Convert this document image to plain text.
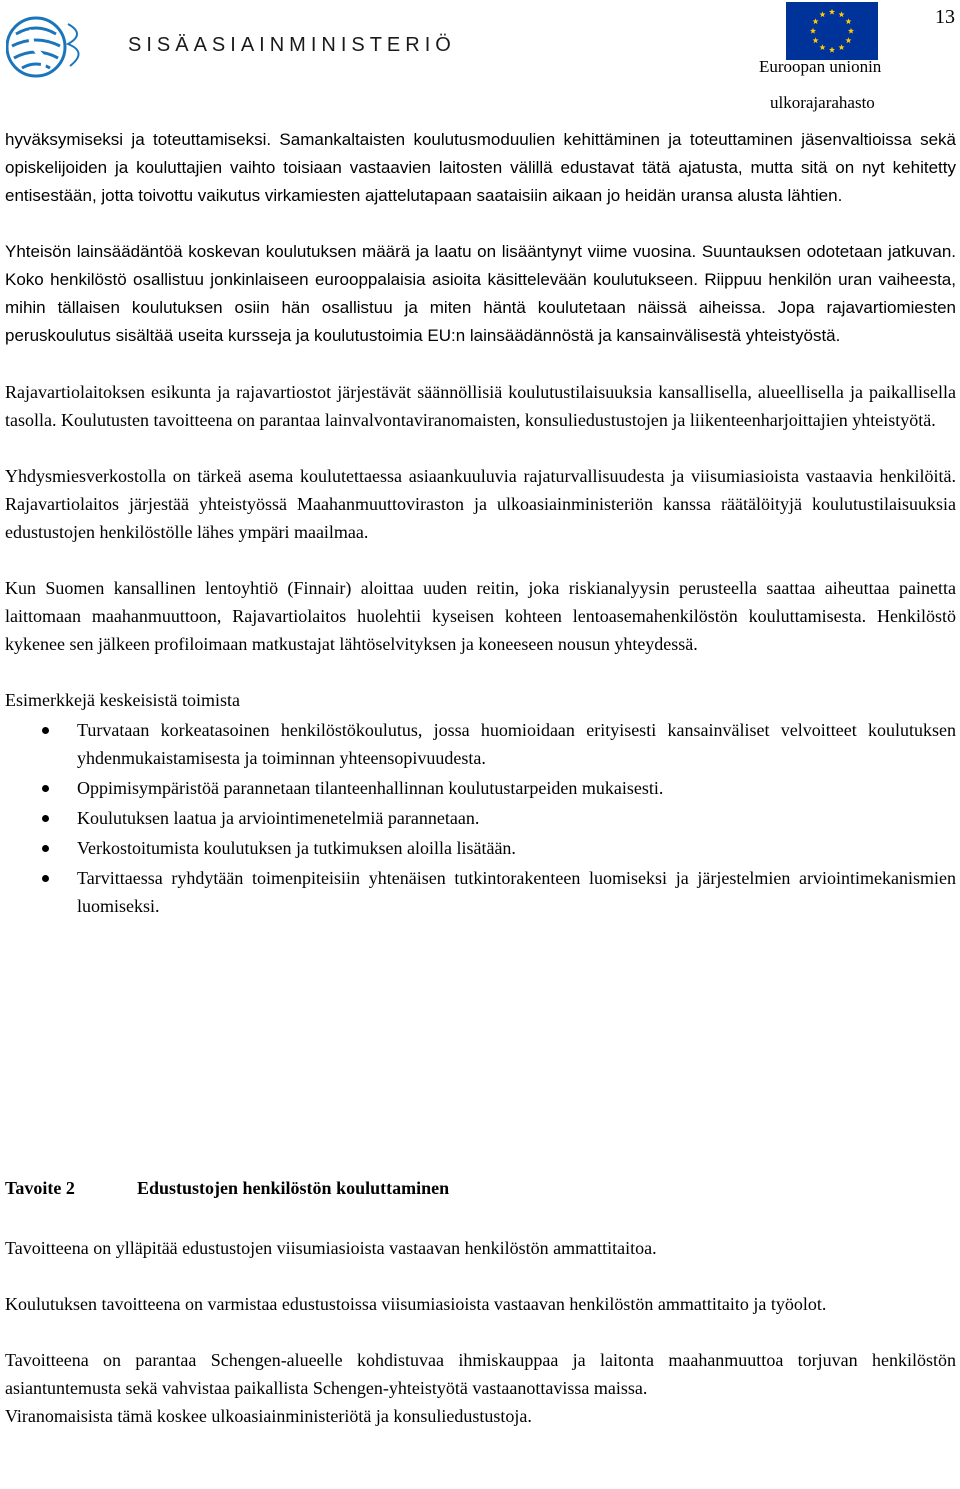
SISÄASIAINMINISTERIÖ
Euroopan unionin
ulkorajarahasto
13

hyväksymiseksi ja toteuttamiseksi. Samankaltaisten koulutusmoduulien kehittäminen ja toteuttaminen jäsenvaltioissa sekä opiskelijoiden ja kouluttajien vaihto toisiaan vastaavien laitosten välillä edustavat tätä ajatusta, mutta sitä on nyt kehitetty entisestään, jotta toivottu vaikutus virkamiesten ajattelutapaan saataisiin aikaan jo heidän uransa alusta lähtien.

Yhteisön lainsäädäntöä koskevan koulutuksen määrä ja laatu on lisääntynyt viime vuosina. Suuntauksen odotetaan jatkuvan. Koko henkilöstö osallistuu jonkinlaiseen eurooppalaisia asioita käsittelevään koulutukseen. Riippuu henkilön uran vaiheesta, mihin tällaisen koulutuksen osiin hän osallistuu ja miten häntä koulutetaan näissä aiheissa. Jopa rajavartiomiesten peruskoulutus sisältää useita kursseja ja koulutustoimia EU:n lainsäädännöstä ja kansainvälisestä yhteistyöstä.

Rajavartiolaitoksen esikunta ja rajavartiostot järjestävät säännöllisiä koulutustilaisuuksia kansallisella, alueellisella ja paikallisella tasolla. Koulutusten tavoitteena on parantaa lainvalvontaviranomaisten, konsuliedustustojen ja liikenteenharjoittajien yhteistyötä.

Yhdysmiesverkostolla on tärkeä asema koulutettaessa asiaankuuluvia rajaturvallisuudesta ja viisumiasioista vastaavia henkilöitä. Rajavartiolaitos järjestää yhteistyössä Maahanmuuttoviraston ja ulkoasiainministeriön kanssa räätälöityjä koulutustilaisuuksia edustustojen henkilöstölle lähes ympäri maailmaa.

Kun Suomen kansallinen lentoyhtiö (Finnair) aloittaa uuden reitin, joka riskianalyysin perusteella saattaa aiheuttaa painetta laittomaan maahanmuuttoon, Rajavartiolaitos huolehtii kyseisen kohteen lentoasemahenkilöstön kouluttamisesta. Henkilöstö kykenee sen jälkeen profiloimaan matkustajat lähtöselvityksen ja koneeseen nousun yhteydessä.

Esimerkkejä keskeisistä toimista

Turvataan korkeatasoinen henkilöstökoulutus, jossa huomioidaan erityisesti kansainväliset velvoitteet koulutuksen yhdenmukaistamisesta ja toiminnan yhteensopivuudesta.
Oppimisympäristöä parannetaan tilanteenhallinnan koulutustarpeiden mukaisesti.
Koulutuksen laatua ja arviointimenetelmiä parannetaan.
Verkostoitumista koulutuksen ja tutkimuksen aloilla lisätään.
Tarvittaessa ryhdytään toimenpiteisiin yhtenäisen tutkintorakenteen luomiseksi ja järjestelmien arviointimekanismien luomiseksi.
Tavoite 2	Edustustojen henkilöstön kouluttaminen

Tavoitteena on ylläpitää edustustojen viisumiasioista vastaavan henkilöstön ammattitaitoa.

Koulutuksen tavoitteena on varmistaa edustustoissa viisumiasioista vastaavan henkilöstön ammattitaito ja työolot.

Tavoitteena on parantaa Schengen-alueelle kohdistuvaa ihmiskauppaa ja laitonta maahanmuuttoa torjuvan henkilöstön asiantuntemusta sekä vahvistaa paikallista Schengen-yhteistyötä vastaanottavissa maissa.

Viranomaisista tämä koskee ulkoasiainministeriötä ja konsuliedustustoja.
